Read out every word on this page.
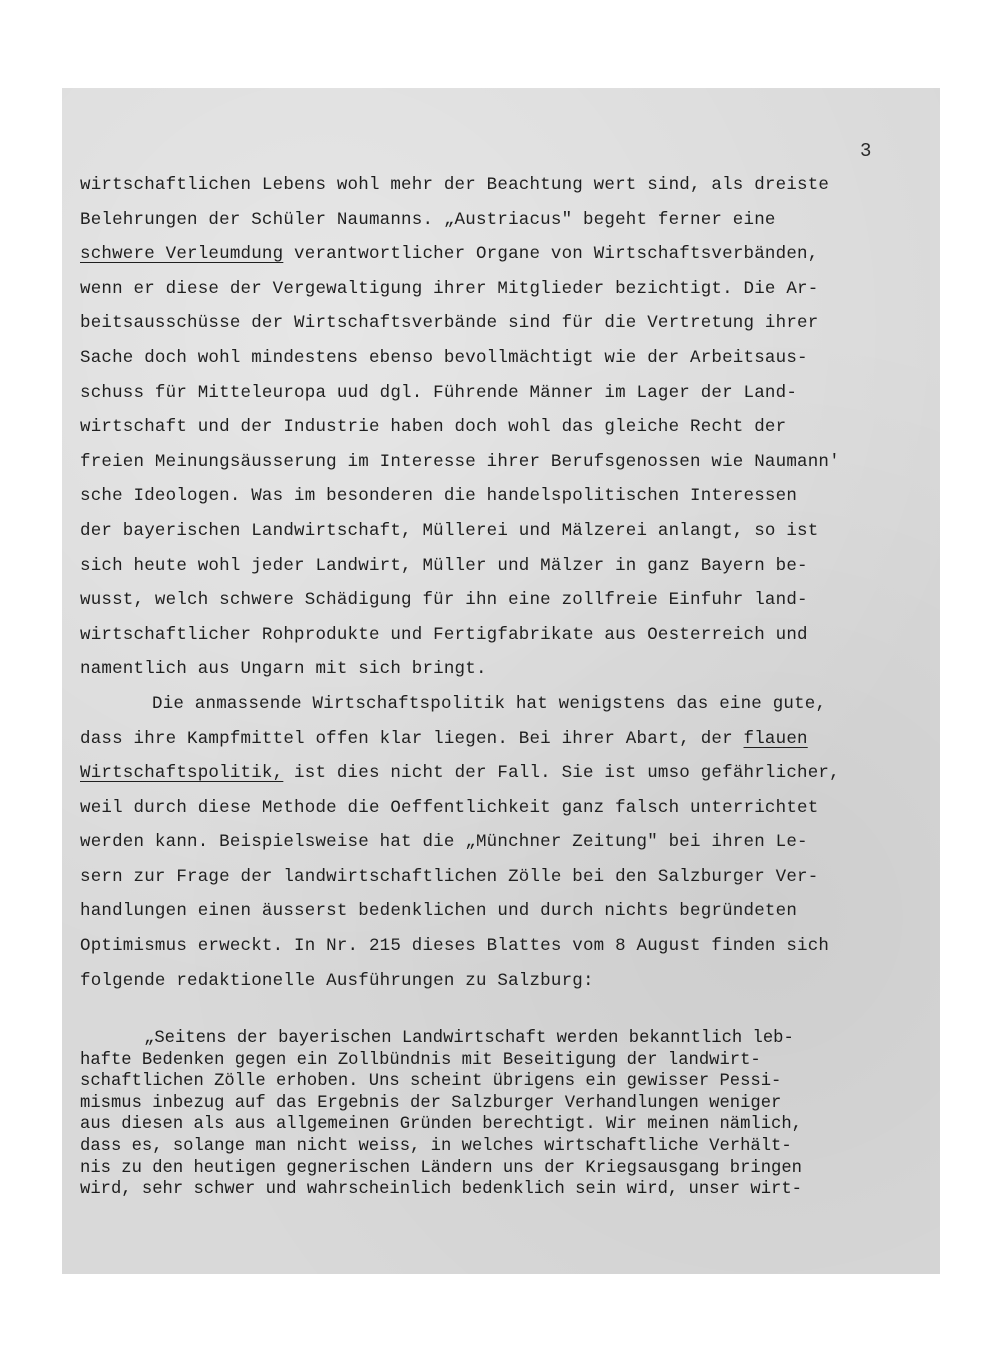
3
wirtschaftlichen Lebens wohl mehr der Beachtung wert sind, als dreiste
Belehrungen der Schüler Naumanns. „Austriacus" begeht ferner eine
schwere Verleumdung verantwortlicher Organe von Wirtschaftsverbänden,
wenn er diese der Vergewaltigung ihrer Mitglieder bezichtigt. Die Ar-
beitsausschüsse der Wirtschaftsverbände sind für die Vertretung ihrer
Sache doch wohl mindestens ebenso bevollmächtigt wie der Arbeitsaus-
schuss für Mitteleuropa uud dgl. Führende Männer im Lager der Land-
wirtschaft und der Industrie haben doch wohl das gleiche Recht der
freien Meinungsäusserung im Interesse ihrer Berufsgenossen wie Naumann'
sche Ideologen. Was im besonderen die handelspolitischen Interessen
der bayerischen Landwirtschaft, Müllerei und Mälzerei anlangt, so ist
sich heute wohl jeder Landwirt, Müller und Mälzer in ganz Bayern be-
wusst, welch schwere Schädigung für ihn eine zollfreie Einfuhr land-
wirtschaftlicher Rohprodukte und Fertigfabrikate aus Oesterreich und
namentlich aus Ungarn mit sich bringt.
Die anmassende Wirtschaftspolitik hat wenigstens das eine gute,
dass ihre Kampfmittel offen klar liegen. Bei ihrer Abart, der flauen
Wirtschaftspolitik, ist dies nicht der Fall. Sie ist umso gefährlicher,
weil durch diese Methode die Oeffentlichkeit ganz falsch unterrichtet
werden kann. Beispielsweise hat die „Münchner Zeitung" bei ihren Le-
sern zur Frage der landwirtschaftlichen Zölle bei den Salzburger Ver-
handlungen einen äusserst bedenklichen und durch nichts begründeten
Optimismus erweckt. In Nr. 215 dieses Blattes vom 8 August finden sich
folgende redaktionelle Ausführungen zu Salzburg:
„Seitens der bayerischen Landwirtschaft werden bekanntlich leb-
hafte Bedenken gegen ein Zollbündnis mit Beseitigung der landwirt-
schaftlichen Zölle erhoben. Uns scheint übrigens ein gewisser Pessi-
mismus inbezug auf das Ergebnis der Salzburger Verhandlungen weniger
aus diesen als aus allgemeinen Gründen berechtigt. Wir meinen nämlich,
dass es, solange man nicht weiss, in welches wirtschaftliche Verhält-
nis zu den heutigen gegnerischen Ländern uns der Kriegsausgang bringen
wird, sehr schwer und wahrscheinlich bedenklich sein wird, unser wirt-
